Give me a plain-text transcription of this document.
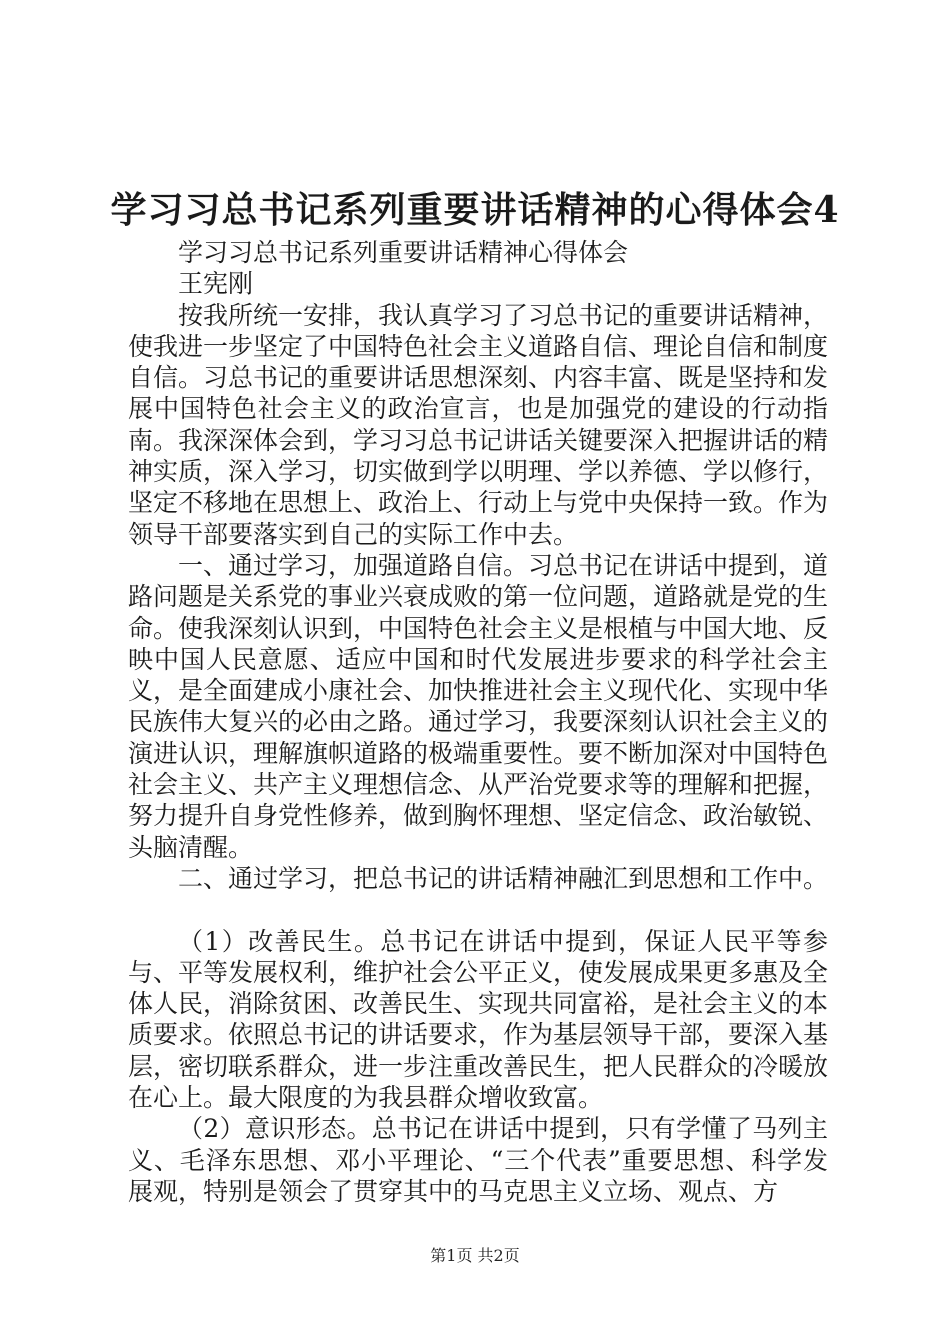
学习习总书记系列重要讲话精神的心得体会4

学习习总书记系列重要讲话精神心得体会

王宪刚

按我所统一安排，我认真学习了习总书记的重要讲话精神，使我进一步坚定了中国特色社会主义道路自信、理论自信和制度自信。习总书记的重要讲话思想深刻、内容丰富、既是坚持和发展中国特色社会主义的政治宣言，也是加强党的建设的行动指南。我深深体会到，学习习总书记讲话关键要深入把握讲话的精神实质，深入学习，切实做到学以明理、学以养德、学以修行，坚定不移地在思想上、政治上、行动上与党中央保持一致。作为领导干部要落实到自己的实际工作中去。

一、通过学习，加强道路自信。习总书记在讲话中提到，道路问题是关系党的事业兴衰成败的第一位问题，道路就是党的生命。使我深刻认识到，中国特色社会主义是根植与中国大地、反映中国人民意愿、适应中国和时代发展进步要求的科学社会主义，是全面建成小康社会、加快推进社会主义现代化、实现中华民族伟大复兴的必由之路。通过学习，我要深刻认识社会主义的演进认识，理解旗帜道路的极端重要性。要不断加深对中国特色社会主义、共产主义理想信念、从严治党要求等的理解和把握，努力提升自身党性修养，做到胸怀理想、坚定信念、政治敏锐、头脑清醒。

二、通过学习，把总书记的讲话精神融汇到思想和工作中。

（1）改善民生。总书记在讲话中提到，保证人民平等参与、平等发展权利，维护社会公平正义，使发展成果更多惠及全体人民，消除贫困、改善民生、实现共同富裕，是社会主义的本质要求。依照总书记的讲话要求，作为基层领导干部，要深入基层，密切联系群众，进一步注重改善民生，把人民群众的冷暖放在心上。最大限度的为我县群众增收致富。

（2）意识形态。总书记在讲话中提到，只有学懂了马列主义、毛泽东思想、邓小平理论、“三个代表”重要思想、科学发展观，特别是领会了贯穿其中的马克思主义立场、观点、方

第1页 共2页
